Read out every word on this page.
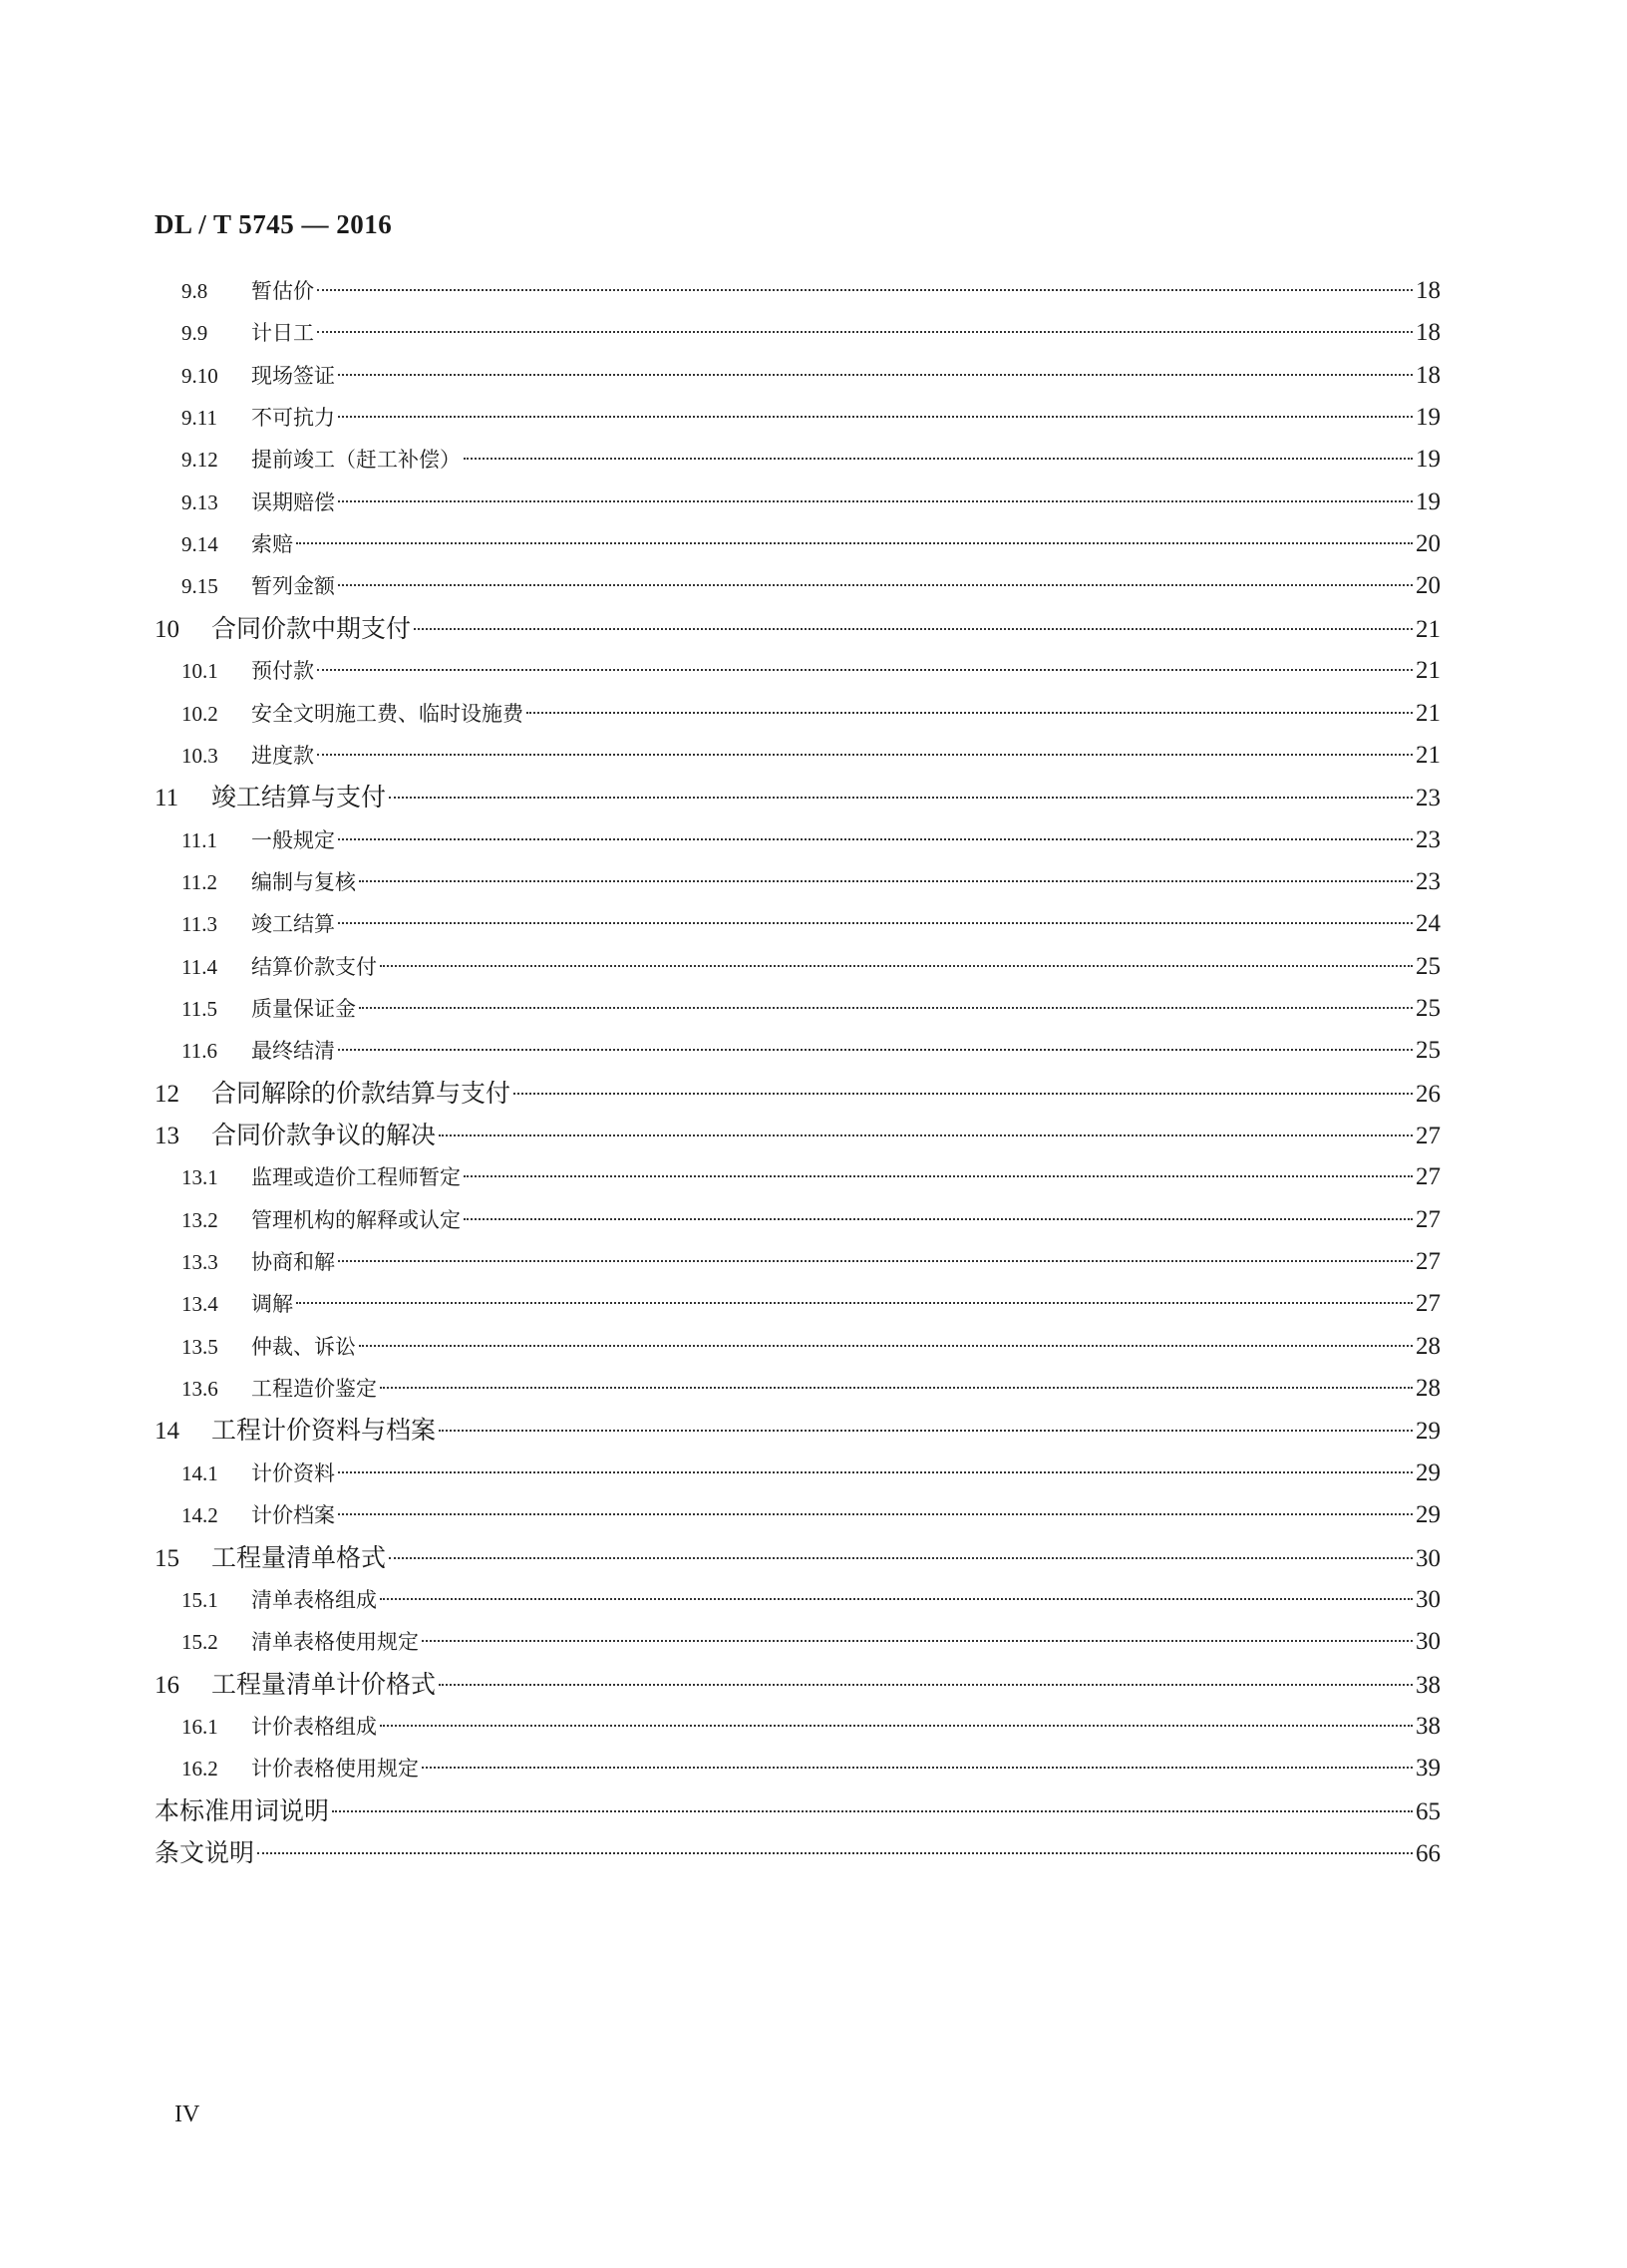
DL / T 5745 — 2016
9.8	暂估价	18
9.9	计日工	18
9.10	现场签证	18
9.11	不可抗力	19
9.12	提前竣工（赶工补偿）	19
9.13	误期赔偿	19
9.14	索赔	20
9.15	暂列金额	20
10	合同价款中期支付	21
10.1	预付款	21
10.2	安全文明施工费、临时设施费	21
10.3	进度款	21
11	竣工结算与支付	23
11.1	一般规定	23
11.2	编制与复核	23
11.3	竣工结算	24
11.4	结算价款支付	25
11.5	质量保证金	25
11.6	最终结清	25
12	合同解除的价款结算与支付	26
13	合同价款争议的解决	27
13.1	监理或造价工程师暂定	27
13.2	管理机构的解释或认定	27
13.3	协商和解	27
13.4	调解	27
13.5	仲裁、诉讼	28
13.6	工程造价鉴定	28
14	工程计价资料与档案	29
14.1	计价资料	29
14.2	计价档案	29
15	工程量清单格式	30
15.1	清单表格组成	30
15.2	清单表格使用规定	30
16	工程量清单计价格式	38
16.1	计价表格组成	38
16.2	计价表格使用规定	39
本标准用词说明	65
条文说明	66
IV
